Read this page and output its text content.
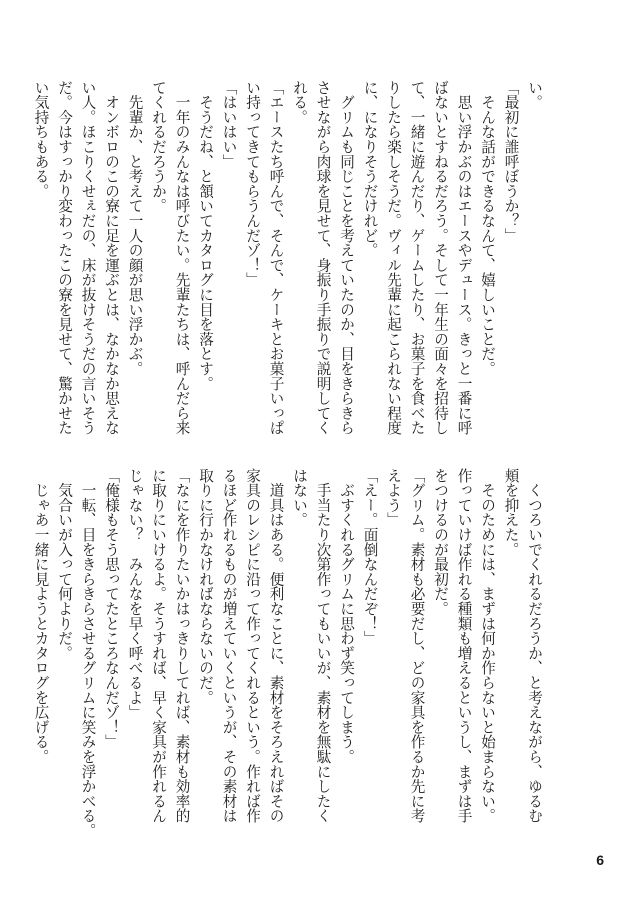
い。
「最初に誰呼ぼうか？」
　そんな話ができるなんて、嬉しいことだ。
　思い浮かぶのはエースやデュース。きっと一番に呼
ばないとすねるだろう。そして一年生の面々を招待し
て、一緒に遊んだり、ゲームしたり、お菓子を食べた
りしたら楽しそうだ。ヴィル先輩に起こられない程度
に、になりそうだけれど。
　グリムも同じことを考えていたのか、目をきらきら
させながら肉球を見せて、身振り手振りで説明してく
れる。
「エースたち呼んで、そんで、ケーキとお菓子いっぱ
い持ってきてもらうんだゾ！」
「はいはい」
　そうだね、と頷いてカタログに目を落とす。
　一年のみんなは呼びたい。先輩たちは、呼んだら来
てくれるだろうか。
　先輩か、と考えて一人の顔が思い浮かぶ。
　オンボロのこの寮に足を運ぶとは、なかなか思えな
い人。ほこりくせぇだの、床が抜けそうだの言いそう
だ。今はすっかり変わったこの寮を見せて、驚かせた
い気持ちもある。
　くつろいでくれるだろうか、と考えながら、ゆるむ
頬を抑えた。
　そのためには、まずは何か作らないと始まらない。
作っていけば作れる種類も増えるというし、まずは手
をつけるのが最初だ。
「グリム。素材も必要だし、どの家具を作るか先に考
えよう」
「えー。面倒なんだぞ！」
　ぶすくれるグリムに思わず笑ってしまう。
　手当たり次第作ってもいいが、素材を無駄にしたく
はない。
　道具はある。便利なことに、素材をそろえればその
家具のレシピに沿って作ってくれるという。作れば作
るほど作れるものが増えていくというが、その素材は
取りに行かなければならないのだ。
「なにを作りたいかはっきりしてれば、素材も効率的
に取りにいけるよ。そうすれば、早く家具が作れるん
じゃない？　みんなを早く呼べるよ」
「俺様もそう思ってたところなんだゾ！」
　一転、目をきらきらさせるグリムに笑みを浮かべる。
　気合いが入って何よりだ。
　じゃあ一緒に見ようとカタログを広げる。
6
